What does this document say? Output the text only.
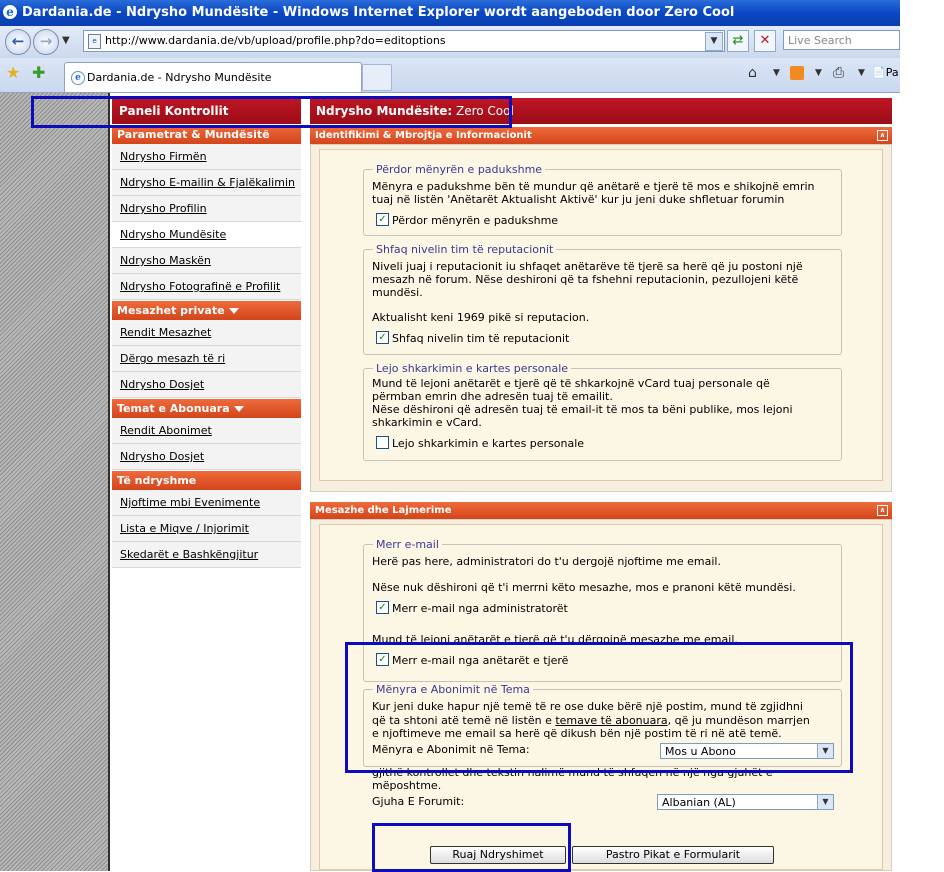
e Dardania.de - Ndrysho Mundësite - Windows Internet Explorer wordt aangeboden door Zero Cool
←	→ ▼	e http://www.dardania.de/vb/upload/profile.php?do=editoptions	▼	⇄	✕	Live Search
★ ✚	e Dardania.de - Ndrysho Mundësite	⌂ ▼	▼ ⎙ ▼ 📄Pa
Paneli Kontrollit
Parametrat & Mundësitë
Ndrysho Firmën
Ndrysho E-mailin & Fjalëkalimin
Ndrysho Profilin
Ndrysho Mundësite
Ndrysho Maskën
Ndrysho Fotografinë e Profilit
Mesazhet private
Rendit Mesazhet
Dërgo mesazh të ri
Ndrysho Dosjet
Temat e Abonuara
Rendit Abonimet
Ndrysho Dosjet
Të ndryshme
Njoftime mbi Evenimente
Lista e Miqve / Injorimit
Skedarët e Bashkëngjitur
Ndrysho Mundësite: Zero Cool
Identifikimi & Mbrojtja e Informacionit	∧
Përdor mënyrën e padukshme
Mënyra e padukshme bën të mundur që anëtarë e tjerë të mos e shikojnë emrin
tuaj në listën 'Anëtarët Aktualisht Aktivë' kur ju jeni duke shfletuar forumin
✓ Përdor mënyrën e padukshme
Shfaq nivelin tim të reputacionit
Niveli juaj i reputacionit iu shfaqet anëtarëve të tjerë sa herë që ju postoni një
mesazh në forum. Nëse deshironi që ta fshehni reputacionin, pezullojeni këtë
mundësi.
Aktualisht keni 1969 pikë si reputacion.
✓ Shfaq nivelin tim të reputacionit
Lejo shkarkimin e kartes personale
Mund të lejoni anëtarët e tjerë që të shkarkojnë vCard tuaj personale që
përmban emrin dhe adresën tuaj të emailit.
Nëse dëshironi që adresën tuaj të email-it të mos ta bëni publike, mos lejoni
shkarkimin e vCard.
Lejo shkarkimin e kartes personale
Mesazhe dhe Lajmerime	∧
Merr e-mail
Herë pas here, administratori do t'u dergojë njoftime me email.
Nëse nuk dëshironi që t'i merrni këto mesazhe, mos e pranoni këtë mundësi.
✓ Merr e-mail nga administratorët
Mund të lejoni anëtarët e tjerë që t'u dërgojnë mesazhe me email.
✓ Merr e-mail nga anëtarët e tjerë
Mënyra e Abonimit në Tema
Kur jeni duke hapur një temë të re ose duke bërë një postim, mund të zgjidhni
që ta shtoni atë temë në listën e temave të abonuara, që ju mundëson marrjen
e njoftimeve me email sa herë që dikush bën një postim të ri në atë temë.
Mënyra e Abonimit në Tema:	Mos u Abono	▼
gjithë kontrollet dhe tekstin nalimë mund të shfaqen në një nga gjuhët e
mëposhtme.
Gjuha E Forumit:	Albanian (AL)	▼
Ruaj Ndryshimet	Pastro Pikat e Formularit
